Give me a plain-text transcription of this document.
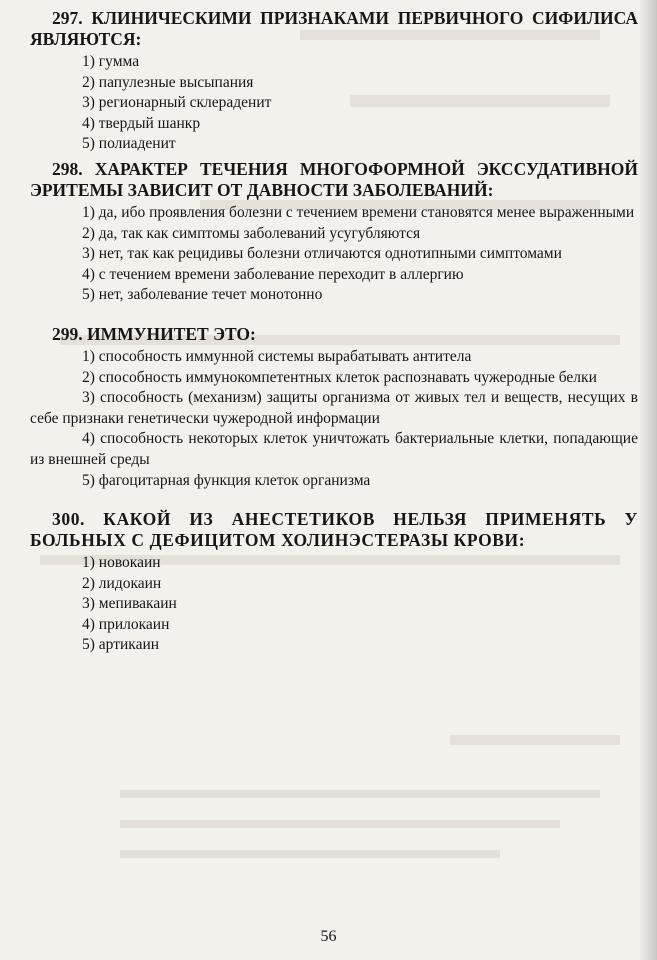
297. КЛИНИЧЕСКИМИ ПРИЗНАКАМИ ПЕРВИЧНОГО СИФИЛИСА ЯВЛЯЮТСЯ:

1) гумма

2) папулезные высыпания

3) регионарный склераденит

4) твердый шанкр

5) полиаденит

298. ХАРАКТЕР ТЕЧЕНИЯ МНОГОФОРМНОЙ ЭКССУДАТИВНОЙ ЭРИТЕМЫ ЗАВИСИТ ОТ ДАВНОСТИ ЗАБОЛЕВАНИЙ:

1) да, ибо проявления болезни с течением времени становятся менее выраженными

2) да, так как симптомы заболеваний усугубляются

3) нет, так как рецидивы болезни отличаются однотипными симптомами

4) с течением времени заболевание переходит в аллергию

5) нет, заболевание течет монотонно

299. ИММУНИТЕТ ЭТО:

1) способность иммунной системы вырабатывать антитела

2) способность иммунокомпетентных клеток распознавать чужеродные белки

3) способность (механизм) защиты организма от живых тел и веществ, несущих в себе признаки генетически чужеродной информации

4) способность некоторых клеток уничтожать бактериальные клетки, попадающие из внешней среды

5) фагоцитарная функция клеток организма

300. КАКОЙ ИЗ АНЕСТЕТИКОВ НЕЛЬЗЯ ПРИМЕНЯТЬ У БОЛЬНЫХ С ДЕФИЦИТОМ ХОЛИНЭСТЕРАЗЫ КРОВИ:

1) новокаин

2) лидокаин

3) мепивакаин

4) прилокаин

5) артикаин

56
